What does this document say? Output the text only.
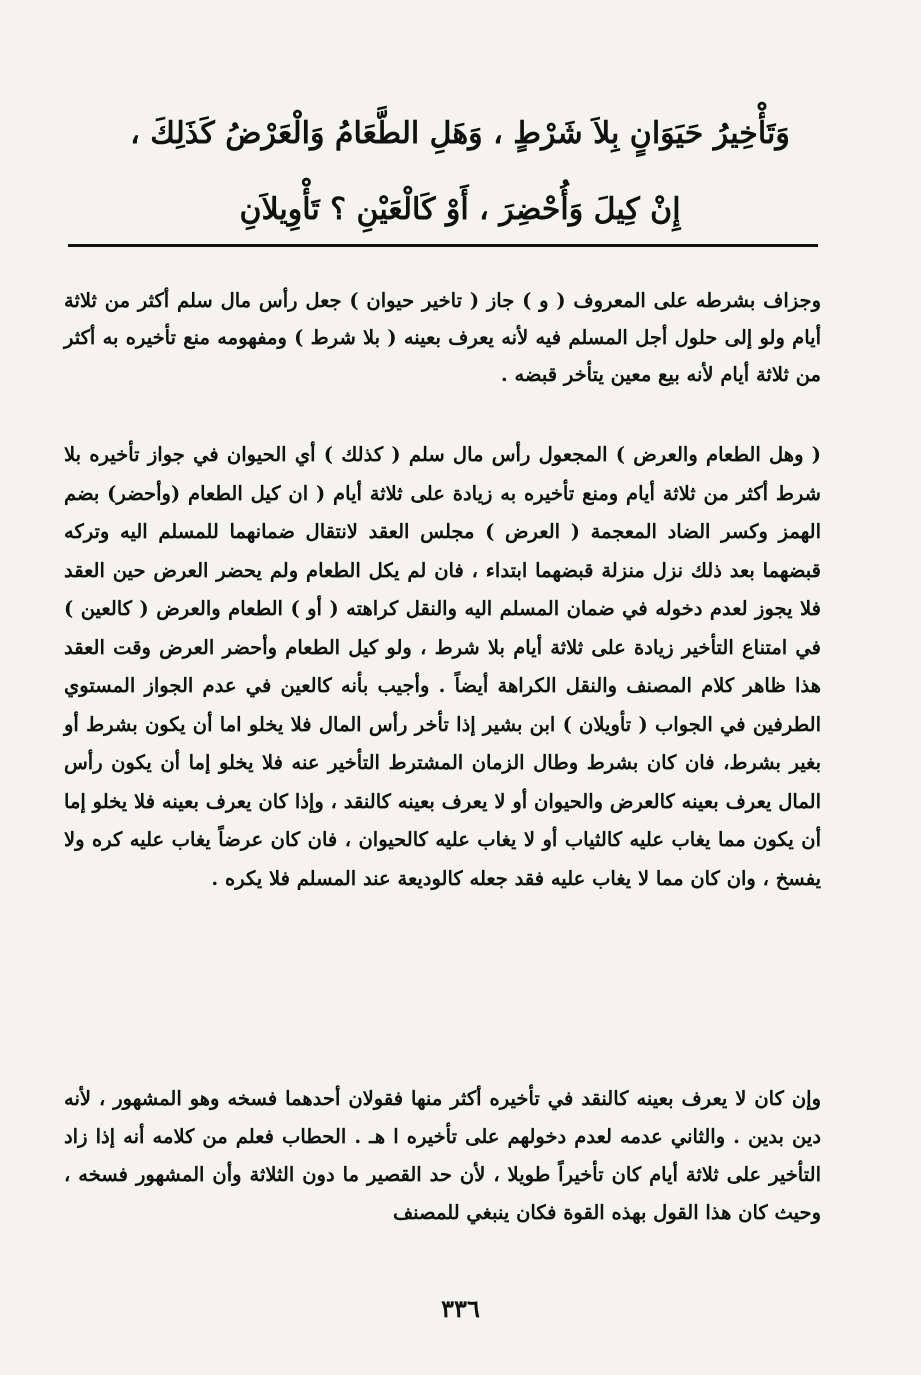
وَتَأْخِيرُ حَيَوَانٍ بِلاَ شَرْطٍ ، وَهَلِ الطَّعَامُ وَالْعَرْضُ كَذَلِكَ ،
إِنْ كِيلَ وَأُحْضِرَ ، أَوْ كَالْعَيْنِ ؟ تَأْوِيلاَنِ
وجزاف بشرطه على المعروف ( و ) جاز ( تاخير حيوان ) جعل رأس مال سلم أكثر من ثلاثة أيام ولو إلى حلول أجل المسلم فيه لأنه يعرف بعينه ( بلا شرط ) ومفهومه منع تأخيره به أكثر من ثلاثة أيام لأنه بيع معين يتأخر قبضه .
( وهل الطعام والعرض ) المجعول رأس مال سلم ( كذلك ) أي الحيوان في جواز تأخيره بلا شرط أكثر من ثلاثة أيام ومنع تأخيره به زيادة على ثلاثة أيام ( ان كيل الطعام (وأحضر) بضم الهمز وكسر الضاد المعجمة ( العرض ) مجلس العقد لانتقال ضمانهما للمسلم اليه وتركه قبضهما بعد ذلك نزل منزلة قبضهما ابتداء ، فان لم يكل الطعام ولم يحضر العرض حين العقد فلا يجوز لعدم دخوله في ضمان المسلم اليه والنقل كراهته ( أو ) الطعام والعرض ( كالعين ) في امتناع التأخير زيادة على ثلاثة أيام بلا شرط ، ولو كيل الطعام وأحضر العرض وقت العقد هذا ظاهر كلام المصنف والنقل الكراهة أيضاً . وأجيب بأنه كالعين في عدم الجواز المستوي الطرفين في الجواب ( تأويلان ) ابن بشير إذا تأخر رأس المال فلا يخلو اما أن يكون بشرط أو بغير بشرط، فان كان بشرط وطال الزمان المشترط التأخير عنه فلا يخلو إما أن يكون رأس المال يعرف بعينه كالعرض والحيوان أو لا يعرف بعينه كالنقد ، وإذا كان يعرف بعينه فلا يخلو إما أن يكون مما يغاب عليه كالثياب أو لا يغاب عليه كالحيوان ، فان كان عرضاً يغاب عليه كره ولا يفسخ ، وان كان مما لا يغاب عليه فقد جعله كالوديعة عند المسلم فلا يكره .
وإن كان لا يعرف بعينه كالنقد في تأخيره أكثر منها فقولان أحدهما فسخه وهو المشهور ، لأنه دين بدين . والثاني عدمه لعدم دخولهم على تأخيره ا هـ . الحطاب فعلم من كلامه أنه إذا زاد التأخير على ثلاثة أيام كان تأخيراً طويلا ، لأن حد القصير ما دون الثلاثة وأن المشهور فسخه ، وحيث كان هذا القول بهذه القوة فكان ينبغي للمصنف
٣٣٦
